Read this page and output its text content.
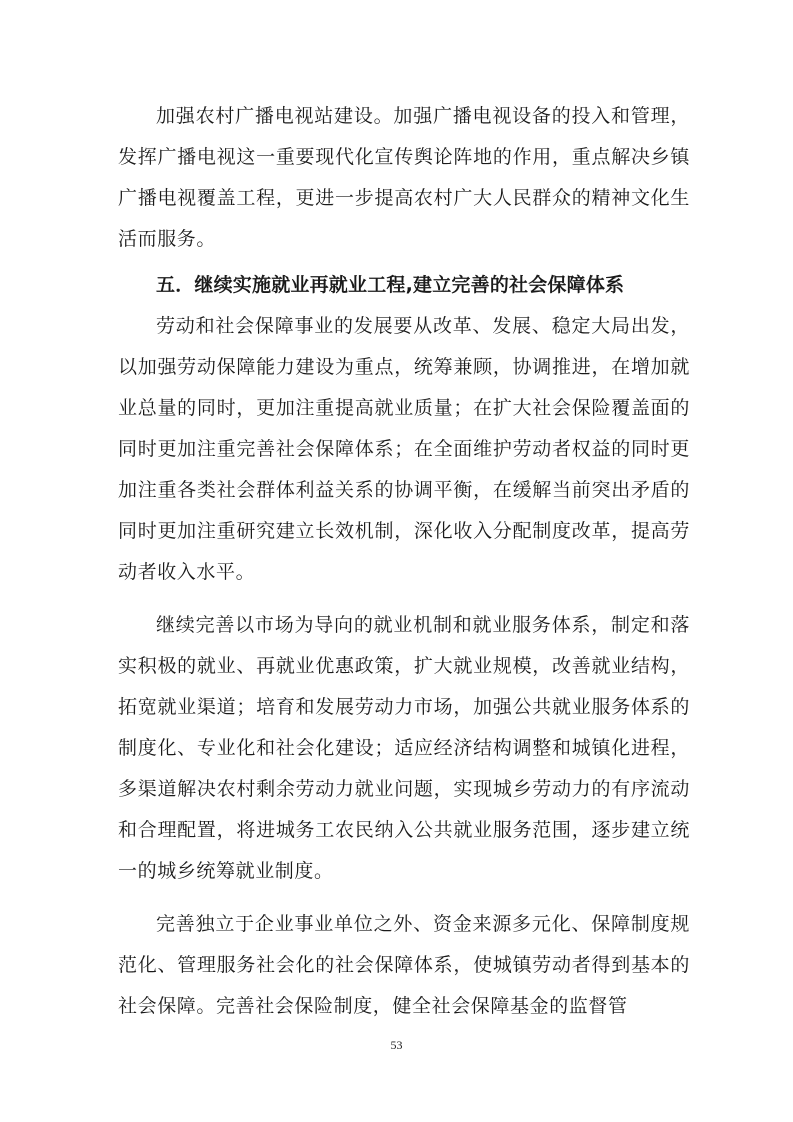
加强农村广播电视站建设。加强广播电视设备的投入和管理，发挥广播电视这一重要现代化宣传舆论阵地的作用，重点解决乡镇广播电视覆盖工程，更进一步提高农村广大人民群众的精神文化生活而服务。

五．继续实施就业再就业工程,建立完善的社会保障体系

劳动和社会保障事业的发展要从改革、发展、稳定大局出发，以加强劳动保障能力建设为重点，统筹兼顾，协调推进，在增加就业总量的同时，更加注重提高就业质量；在扩大社会保险覆盖面的同时更加注重完善社会保障体系；在全面维护劳动者权益的同时更加注重各类社会群体利益关系的协调平衡，在缓解当前突出矛盾的同时更加注重研究建立长效机制，深化收入分配制度改革，提高劳动者收入水平。

继续完善以市场为导向的就业机制和就业服务体系，制定和落实积极的就业、再就业优惠政策，扩大就业规模，改善就业结构，拓宽就业渠道；培育和发展劳动力市场，加强公共就业服务体系的制度化、专业化和社会化建设；适应经济结构调整和城镇化进程，多渠道解决农村剩余劳动力就业问题，实现城乡劳动力的有序流动和合理配置，将进城务工农民纳入公共就业服务范围，逐步建立统一的城乡统筹就业制度。

完善独立于企业事业单位之外、资金来源多元化、保障制度规范化、管理服务社会化的社会保障体系，使城镇劳动者得到基本的社会保障。完善社会保险制度，健全社会保障基金的监督管

53
